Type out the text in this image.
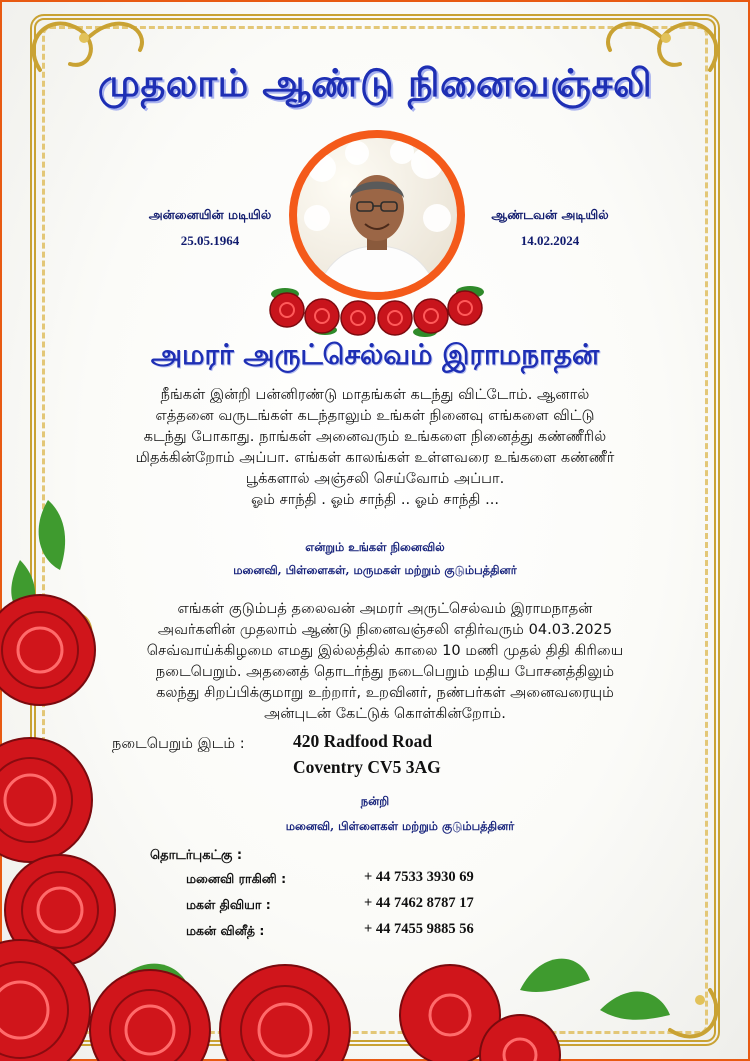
முதலாம் ஆண்டு நினைவஞ்சலி
அன்னையின் மடியில்
25.05.1964
ஆண்டவன் அடியில்
14.02.2024
அமரர் அருட்செல்வம் இராமநாதன்
நீங்கள் இன்றி பன்னிரண்டு மாதங்கள் கடந்து விட்டோம். ஆனால்
எத்தனை வருடங்கள் கடந்தாலும் உங்கள் நினைவு எங்களை விட்டு
கடந்து போகாது. நாங்கள் அனைவரும் உங்களை நினைத்து கண்ணீரில்
மிதக்கின்றோம் அப்பா. எங்கள் காலங்கள் உள்ளவரை உங்களை கண்ணீர்
பூக்களால் அஞ்சலி செய்வோம் அப்பா.
ஓம் சாந்தி . ஓம் சாந்தி .. ஓம் சாந்தி ...
என்றும் உங்கள் நினைவில்
மனைவி, பிள்ளைகள், மருமகள் மற்றும் குடும்பத்தினர்
எங்கள் குடும்பத் தலைவன் அமரர் அருட்செல்வம் இராமநாதன்
அவர்களின் முதலாம் ஆண்டு நினைவஞ்சலி எதிர்வரும் 04.03.2025
செவ்வாய்க்கிழமை எமது இல்லத்தில் காலை 10 மணி முதல் திதி கிரியை
நடைபெறும். அதனைத் தொடர்ந்து நடைபெறும் மதிய போசனத்திலும்
கலந்து சிறப்பிக்குமாறு உற்றார், உறவினர், நண்பர்கள் அனைவரையும்
அன்புடன் கேட்டுக் கொள்கின்றோம்.
நடைபெறும் இடம் :	420 Radfood Road
Coventry CV5 3AG
நன்றி
மனைவி, பிள்ளைகள் மற்றும் குடும்பத்தினர்
தொடர்புகட்கு :
மனைவி ராகினி :	+ 44 7533 3930 69
மகள் திவியா :	+ 44 7462 8787 17
மகன் வினீத் :	+ 44 7455 9885 56
